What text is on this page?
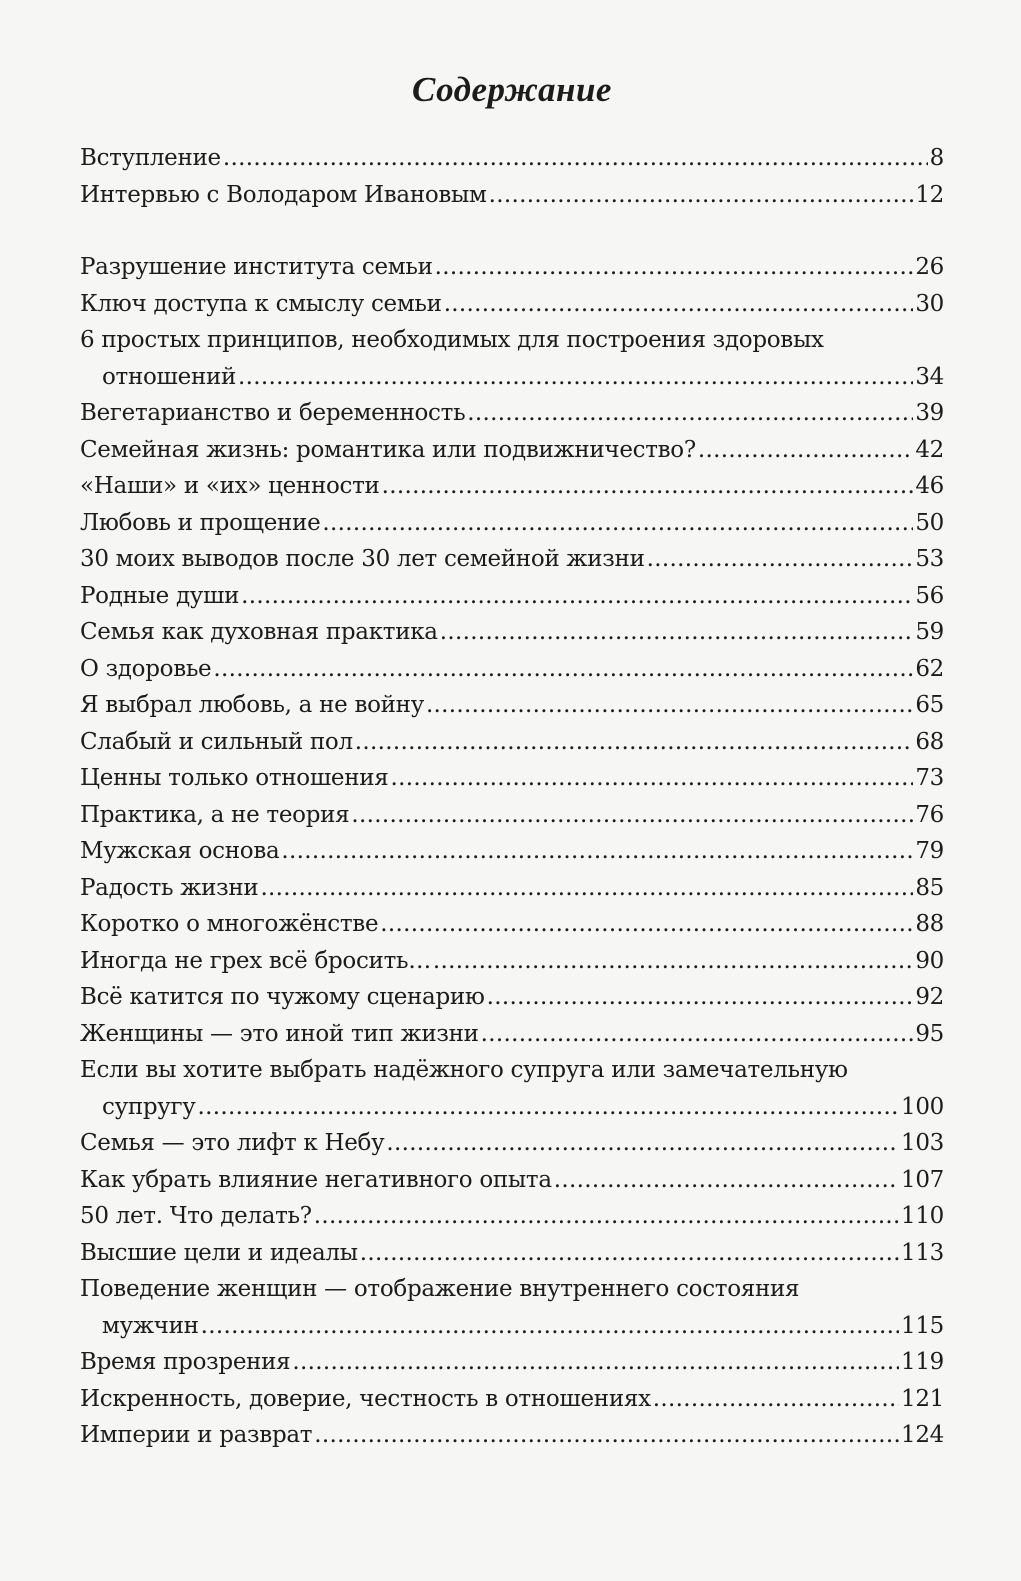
Содержание
Вступление . . .	8
Интервью с Володаром Ивановым . . .	12
Разрушение института семьи . . .	26
Ключ доступа к смыслу семьи . . .	30
6 простых принципов, необходимых для построения здоровых
отношений . . .	34
Вегетарианство и беременность . . .	39
Семейная жизнь: романтика или подвижничество? . . .	42
«Наши» и «их» ценности . . .	46
Любовь и прощение . . .	50
30 моих выводов после 30 лет семейной жизни . . .	53
Родные души . . .	56
Семья как духовная практика . . .	59
О здоровье . . .	62
Я выбрал любовь, а не войну . . .	65
Слабый и сильный пол . . .	68
Ценны только отношения . . .	73
Практика, а не теория . . .	76
Мужская основа . . .	79
Радость жизни . . .	85
Коротко о многожёнстве . . .	88
Иногда не грех всё бросить… . . .	90
Всё катится по чужому сценарию . . .	92
Женщины — это иной тип жизни . . .	95
Если вы хотите выбрать надёжного супруга или замечательную
супругу . . .	100
Семья — это лифт к Небу . . .	103
Как убрать влияние негативного опыта . . .	107
50 лет. Что делать? . . .	110
Высшие цели и идеалы . . .	113
Поведение женщин — отображение внутреннего состояния
мужчин . . .	115
Время прозрения . . .	119
Искренность, доверие, честность в отношениях . . .	121
Империи и разврат . . .	124
